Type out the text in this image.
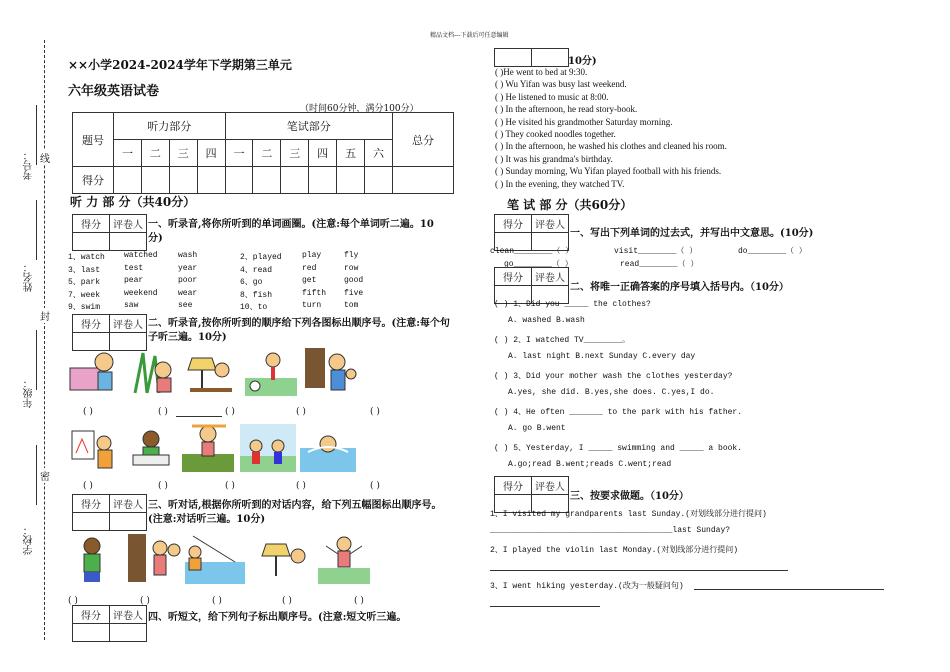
精品文档---下载后可任意编辑
考号： 线
姓名：
封
年级：
密
学校：
××小学2024-2024学年下学期第三单元
六年级英语试卷
（时间60分钟，满分100分）
题号	听力部分				笔试部分						总分
	一	二	三	四	一	二	三	四	五	六	
得分											
听 力 部 分（共40分）
得分	评卷人
	一、听录音,将你所听到的单词画圈。(注意:每个单词听二遍。10分)
1、watch watched	wash	2、played	play	fly
3、last	test	year	4、read	red	row
5、park	pear	poor	6、go	get	good
7、week	weekend	wear	8、fish	fifth five
9、swim	saw	see	10、to	turn	tom
得分	评卷人
	二、听录音,按你所听到的顺序给下列各图标出顺序号。(注意:每个句子听三遍。10分)
( )	( )	( )	( )	( )
( )	( )	( )	( )	( )
得分	评卷人
	三、听对话,根据你所听到的对话内容，给下列五幅图标出顺序号。(注意:对话听三遍。10分)
( )	( )	( )	( )	( )
得分	评卷人
	四、听短文，给下列句子标出顺序号。(注意:短文听三遍。

10分)
( )He went to bed at 9:30.
( ) Wu Yifan was busy last weekend.
( ) He listened to music at 8:00.
( ) In the afternoon, he read story-book.
( ) He visited his grandmother Saturday morning.
( ) They cooked noodles together.
( ) In the afternoon, he washed his clothes and cleaned his room.
( ) It was his grandma's birthday.
( ) Sunday morning, Wu Yifan played football with his friends.
( ) In the evening, they watched TV.
笔 试 部 分（共60分）
得分	评卷人

一、写出下列单词的过去式，并写出中文意思。(10分)
clean________（ ）	visit________（ ）	do________（ ）
go________（ ）	read________（ ）
得分	评卷人

二、将唯一正确答案的序号填入括号内。（10分）
( ) 1、Did you _____ the clothes?
A. washed B.wash
( ) 2、I watched TV________。
A. last night B.next Sunday C.every day
( ) 3、Did your mother wash the clothes yesterday?
A.yes, she did. B.yes,she does. C.yes,I do.
( ) 4、He often _______ to the park with his father.
A. go B.went
( ) 5、Yesterday, I _____ swimming and _____ a book.
A.go;read B.went;reads C.went;read
得分	评卷人

三、按要求做题。（10分）
1、I visited my grandparents last Sunday.(对划线部分进行提问)
______________________________________last Sunday?
2、I played the violin last Monday.(对划线部分进行提问)
3、I went hiking yesterday.(改为一般疑问句)
